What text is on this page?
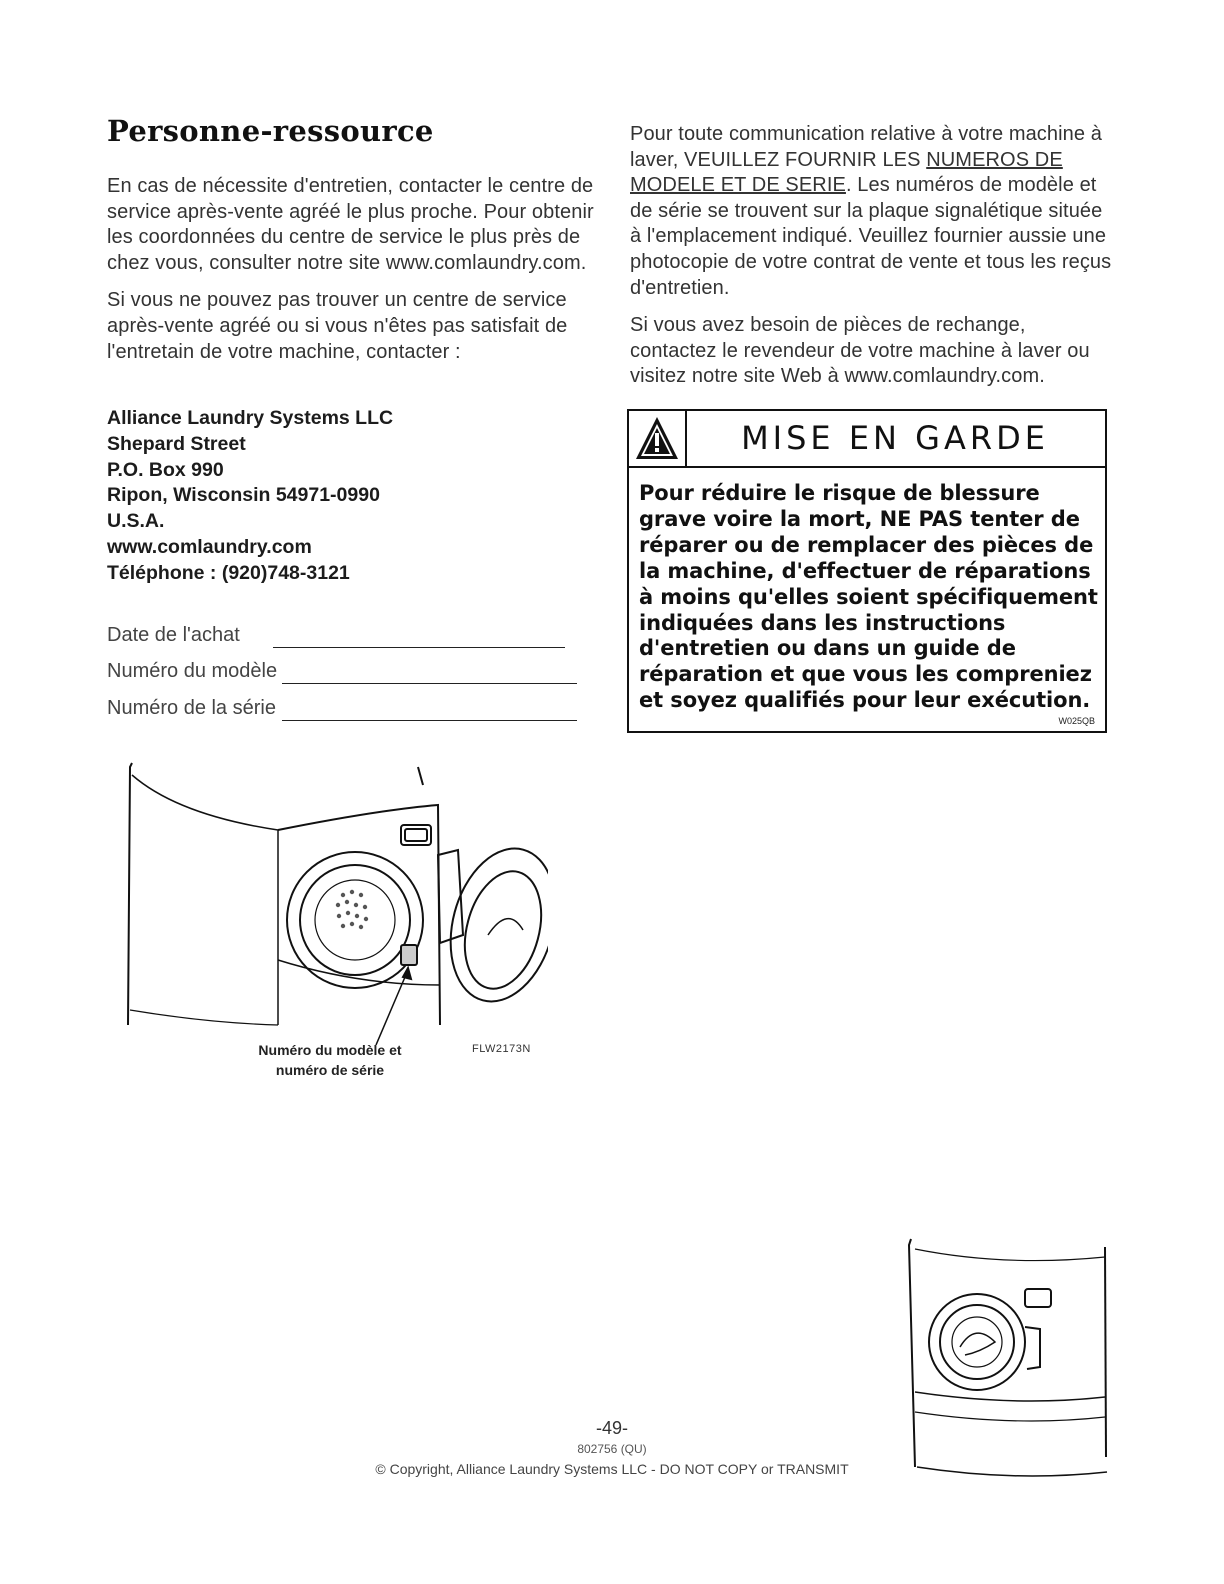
Personne-ressource

En cas de nécessite d'entretien, contacter le centre de service après-vente agréé le plus proche. Pour obtenir les coordonnées du centre de service le plus près de chez vous, consulter notre site www.comlaundry.com.

Si vous ne pouvez pas trouver un centre de service après-vente agréé ou si vous n'êtes pas satisfait de l'entretain de votre machine, contacter :

Alliance Laundry Systems LLC
Shepard Street
P.O. Box 990
Ripon, Wisconsin 54971-0990
U.S.A.
www.comlaundry.com
Téléphone : (920)748-3121
Date de l'achat
Numéro du modèle
Numéro de la série

Pour toute communication relative à votre machine à laver, VEUILLEZ FOURNIR LES NUMEROS DE MODELE ET DE SERIE. Les numéros de modèle et de série se trouvent sur la plaque signalétique située à l'emplacement indiqué. Veuillez fournier aussie une photocopie de votre contrat de vente et tous les reçus d'entretien.

Si vous avez besoin de pièces de rechange, contactez le revendeur de votre machine à laver ou visitez notre site Web à www.comlaundry.com.

MISE EN GARDE
Pour réduire le risque de blessure grave voire la mort, NE PAS tenter de réparer ou de remplacer des pièces de la machine, d'effectuer de réparations à moins qu'elles soient spécifiquement indiquées dans les instructions d'entretien ou dans un guide de réparation et que vous les compreniez et soyez qualifiés pour leur exécution.
W025QB
Numéro du modèle et numéro de série
FLW2173N
-49-
802756 (QU)
© Copyright, Alliance Laundry Systems LLC - DO NOT COPY or TRANSMIT
